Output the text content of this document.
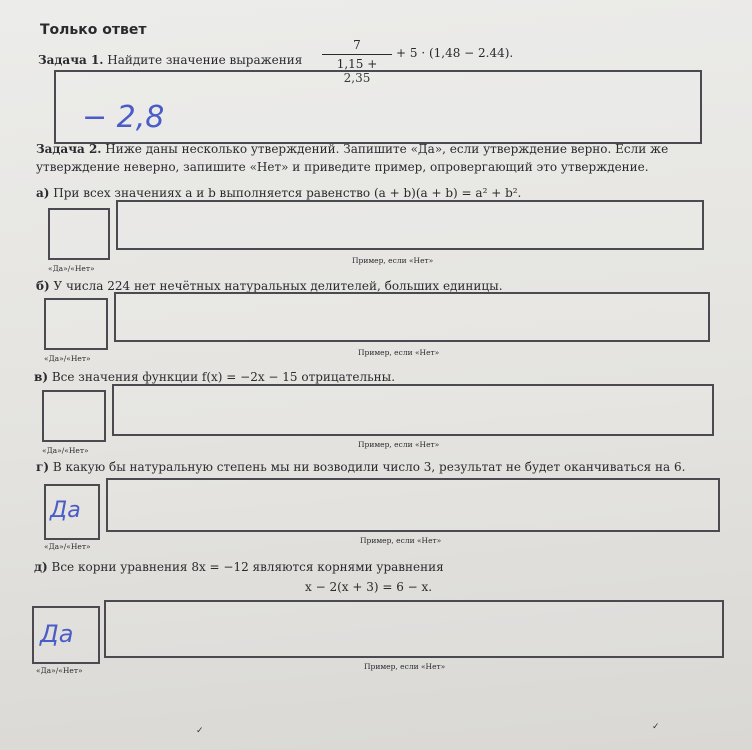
Только ответ
Задача 1. Найдите значение выражения
7
1,15 + 2,35
+ 5 · (1,48 − 2.44).
− 2,8
Задача 2. Ниже даны несколько утверждений. Запишите «Да», если утверждение верно. Если же
утверждение неверно, запишите «Нет» и приведите пример, опровергающий это утверждение.
а) При всех значениях a и b выполняется равенство (a + b)(a + b) = a² + b².
«Да»/«Нет»
Пример, если «Нет»
б) У числа 224 нет нечётных натуральных делителей, больших единицы.
«Да»/«Нет»
Пример, если «Нет»
в) Все значения функции f(x) = −2x − 15 отрицательны.
«Да»/«Нет»
Пример, если «Нет»
г) В какую бы натуральную степень мы ни возводили число 3, результат не будет оканчиваться на 6.
Да
«Да»/«Нет»
Пример, если «Нет»
д) Все корни уравнения 8x = −12 являются корнями уравнения
x − 2(x + 3) = 6 − x.
Да
«Да»/«Нет»	Пример, если «Нет»
✓	✓
